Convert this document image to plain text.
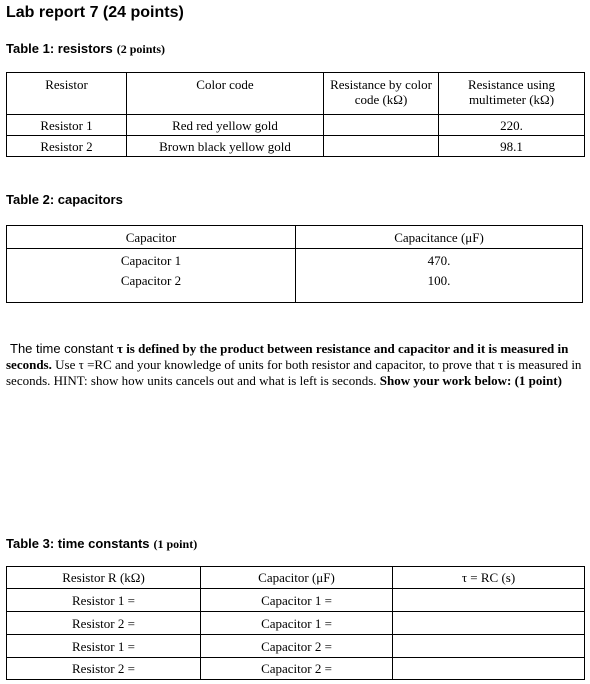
Lab report 7 (24 points)
Table 1: resistors (2 points)
Resistor	Color code	Resistance by color code (kΩ)	Resistance using multimeter (kΩ)
Resistor 1	Red red yellow gold		220.
Resistor 2	Brown black yellow gold		98.1
Table 2: capacitors
Capacitor	Capacitance (μF)
Capacitor 1	470.
Capacitor 2	100.
The time constant τ is defined by the product between resistance and capacitor and it is measured in seconds. Use τ =RC and your knowledge of units for both resistor and capacitor, to prove that τ is measured in seconds. HINT: show how units cancels out and what is left is seconds. Show your work below: (1 point)
Table 3: time constants (1 point)
Resistor R (kΩ)	Capacitor (μF)	τ = RC (s)
Resistor 1 =	Capacitor 1 =	
Resistor 2 =	Capacitor 1 =	
Resistor 1 =	Capacitor 2 =	
Resistor 2 =	Capacitor 2 =	
